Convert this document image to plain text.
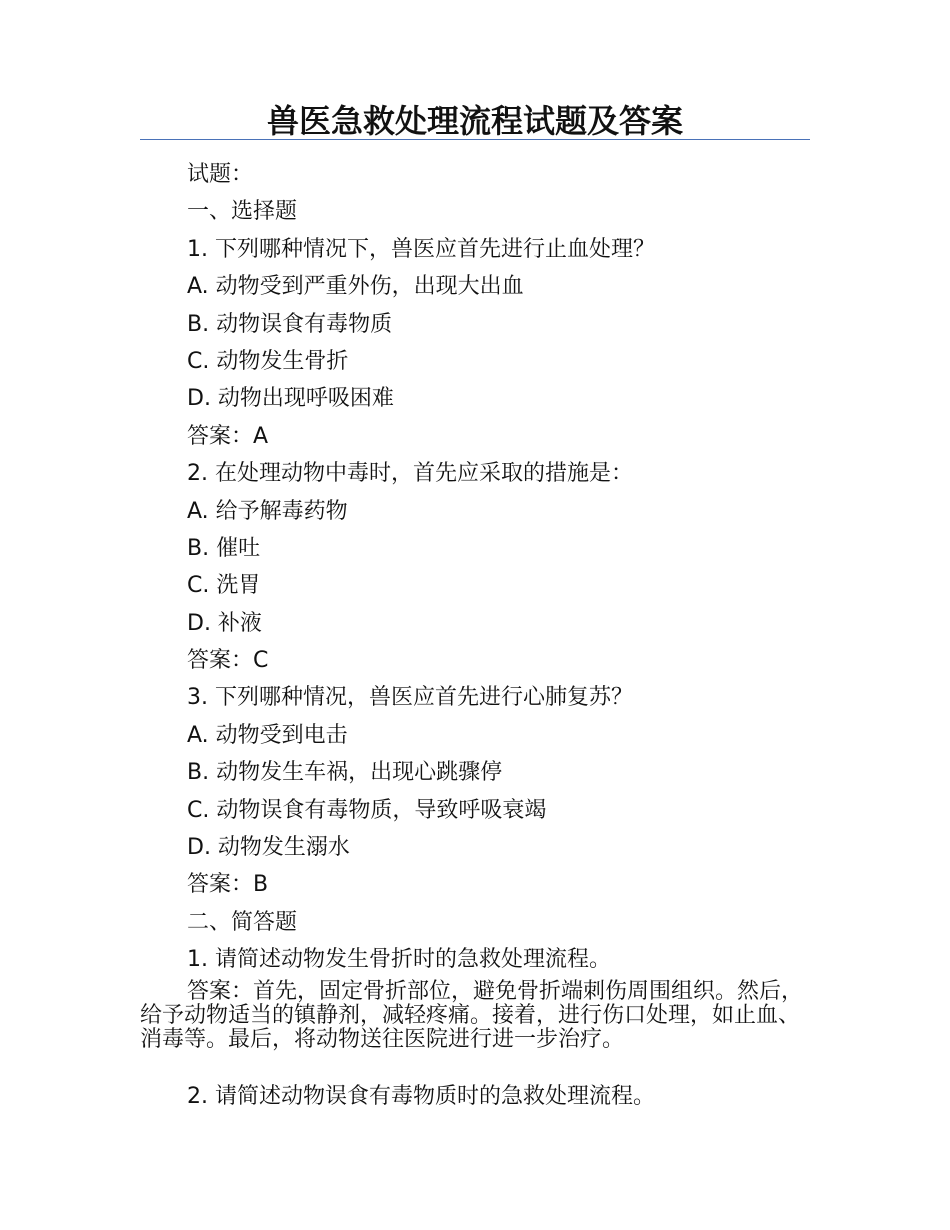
兽医急救处理流程试题及答案
试题：
一、选择题
1. 下列哪种情况下，兽医应首先进行止血处理？
A. 动物受到严重外伤，出现大出血
B. 动物误食有毒物质
C. 动物发生骨折
D. 动物出现呼吸困难
答案：A
2. 在处理动物中毒时，首先应采取的措施是：
A. 给予解毒药物
B. 催吐
C. 洗胃
D. 补液
答案：C
3. 下列哪种情况，兽医应首先进行心肺复苏？
A. 动物受到电击
B. 动物发生车祸，出现心跳骤停
C. 动物误食有毒物质，导致呼吸衰竭
D. 动物发生溺水
答案：B
二、简答题
1. 请简述动物发生骨折时的急救处理流程。

答案：首先，固定骨折部位，避免骨折端刺伤周围组织。然后，给予动物适当的镇静剂，减轻疼痛。接着，进行伤口处理，如止血、消毒等。最后，将动物送往医院进行进一步治疗。

2. 请简述动物误食有毒物质时的急救处理流程。
